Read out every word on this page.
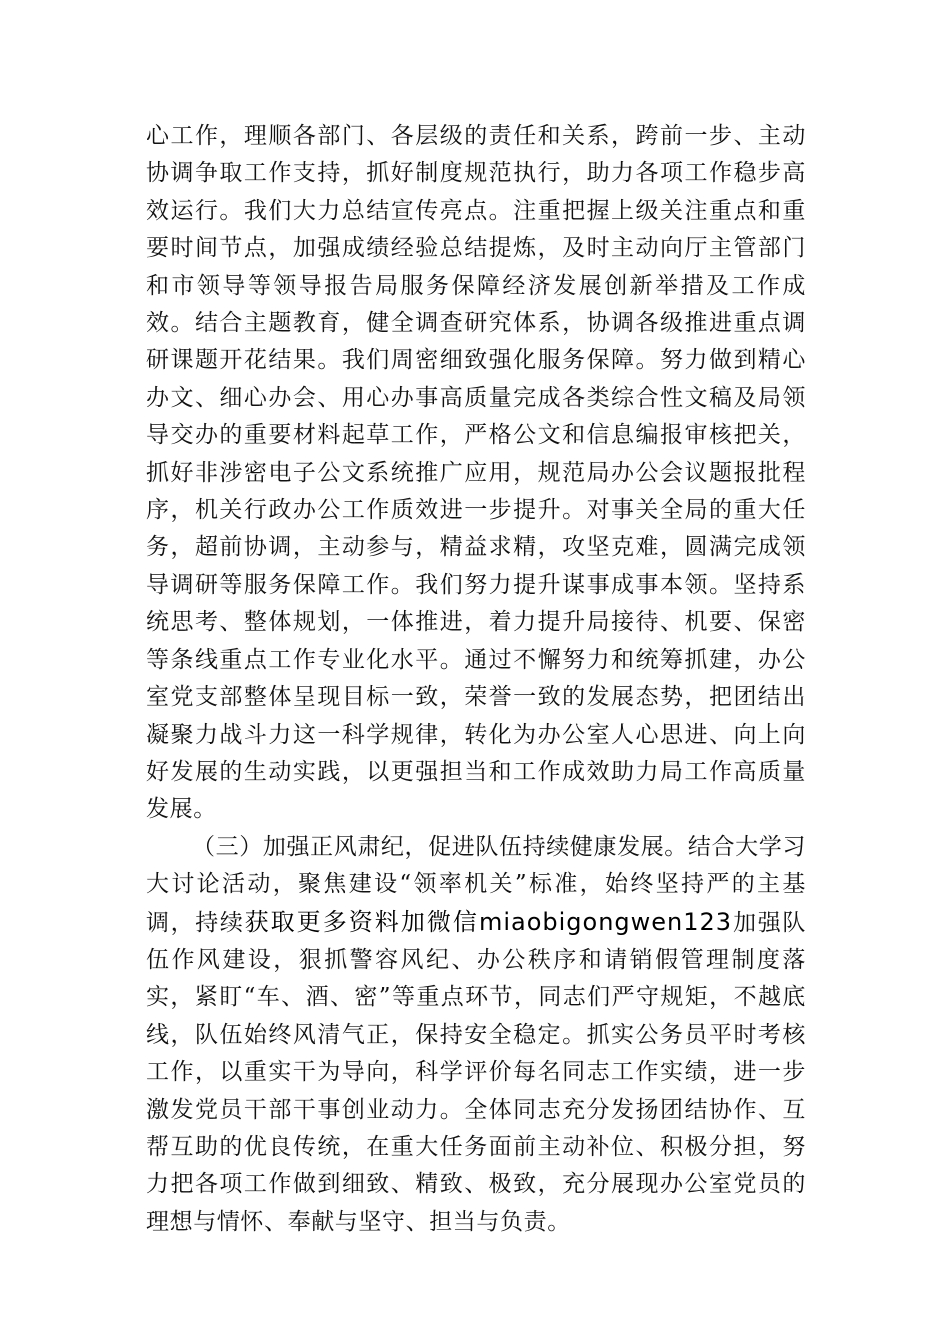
心工作，理顺各部门、各层级的责任和关系，跨前一步、主动协调争取工作支持，抓好制度规范执行，助力各项工作稳步高效运行。我们大力总结宣传亮点。注重把握上级关注重点和重要时间节点，加强成绩经验总结提炼，及时主动向厅主管部门和市领导等领导报告局服务保障经济发展创新举措及工作成效。结合主题教育，健全调查研究体系，协调各级推进重点调研课题开花结果。我们周密细致强化服务保障。努力做到精心办文、细心办会、用心办事高质量完成各类综合性文稿及局领导交办的重要材料起草工作，严格公文和信息编报审核把关，抓好非涉密电子公文系统推广应用，规范局办公会议题报批程序，机关行政办公工作质效进一步提升。对事关全局的重大任务，超前协调，主动参与，精益求精，攻坚克难，圆满完成领导调研等服务保障工作。我们努力提升谋事成事本领。坚持系统思考、整体规划，一体推进，着力提升局接待、机要、保密等条线重点工作专业化水平。通过不懈努力和统筹抓建，办公室党支部整体呈现目标一致，荣誉一致的发展态势，把团结出凝聚力战斗力这一科学规律，转化为办公室人心思进、向上向好发展的生动实践，以更强担当和工作成效助力局工作高质量发展。

（三）加强正风肃纪，促进队伍持续健康发展。结合大学习大讨论活动，聚焦建设“领率机关”标准，始终坚持严的主基调，持续获取更多资料加微信miaobigongwen123加强队伍作风建设，狠抓警容风纪、办公秩序和请销假管理制度落实，紧盯“车、酒、密”等重点环节，同志们严守规矩，不越底线，队伍始终风清气正，保持安全稳定。抓实公务员平时考核工作，以重实干为导向，科学评价每名同志工作实绩，进一步激发党员干部干事创业动力。全体同志充分发扬团结协作、互帮互助的优良传统，在重大任务面前主动补位、积极分担，努力把各项工作做到细致、精致、极致，充分展现办公室党员的理想与情怀、奉献与坚守、担当与负责。
